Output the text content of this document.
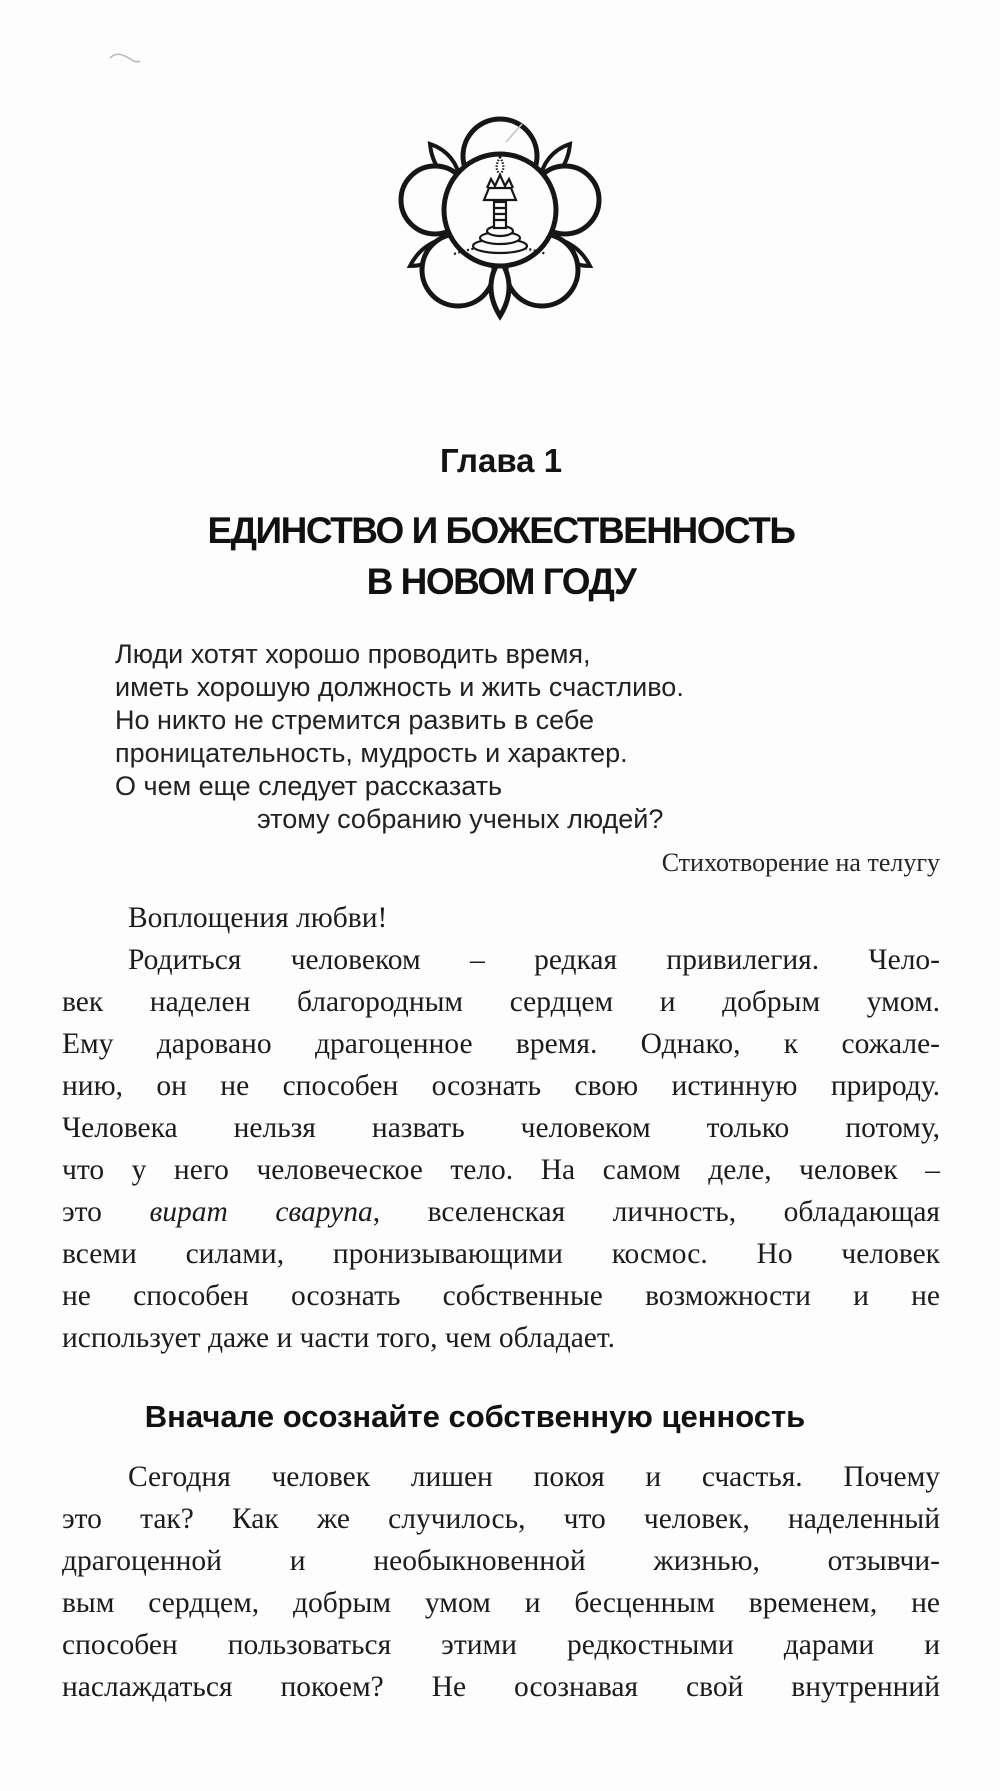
Глава 1
ЕДИНСТВО И БОЖЕСТВЕННОСТЬ
В НОВОМ ГОДУ
Люди хотят хорошо проводить время,
иметь хорошую должность и жить счастливо.
Но никто не стремится развить в себе
проницательность, мудрость и характер.
О чем еще следует рассказать
этому собранию ученых людей?
Стихотворение на телугу
Воплощения любви!
Родиться человеком – редкая привилегия. Чело-
век наделен благородным сердцем и добрым умом.
Ему даровано драгоценное время. Однако, к сожале-
нию, он не способен осознать свою истинную природу.
Человека нельзя назвать человеком только потому,
что у него человеческое тело. На самом деле, человек –
это вират сварупа, вселенская личность, обладающая
всеми силами, пронизывающими космос. Но человек
не способен осознать собственные возможности и не
использует даже и части того, чем обладает.
Вначале осознайте собственную ценность
Сегодня человек лишен покоя и счастья. Почему
это так? Как же случилось, что человек, наделенный
драгоценной и необыкновенной жизнью, отзывчи-
вым сердцем, добрым умом и бесценным временем, не
способен пользоваться этими редкостными дарами и
наслаждаться покоем? Не осознавая свой внутренний
